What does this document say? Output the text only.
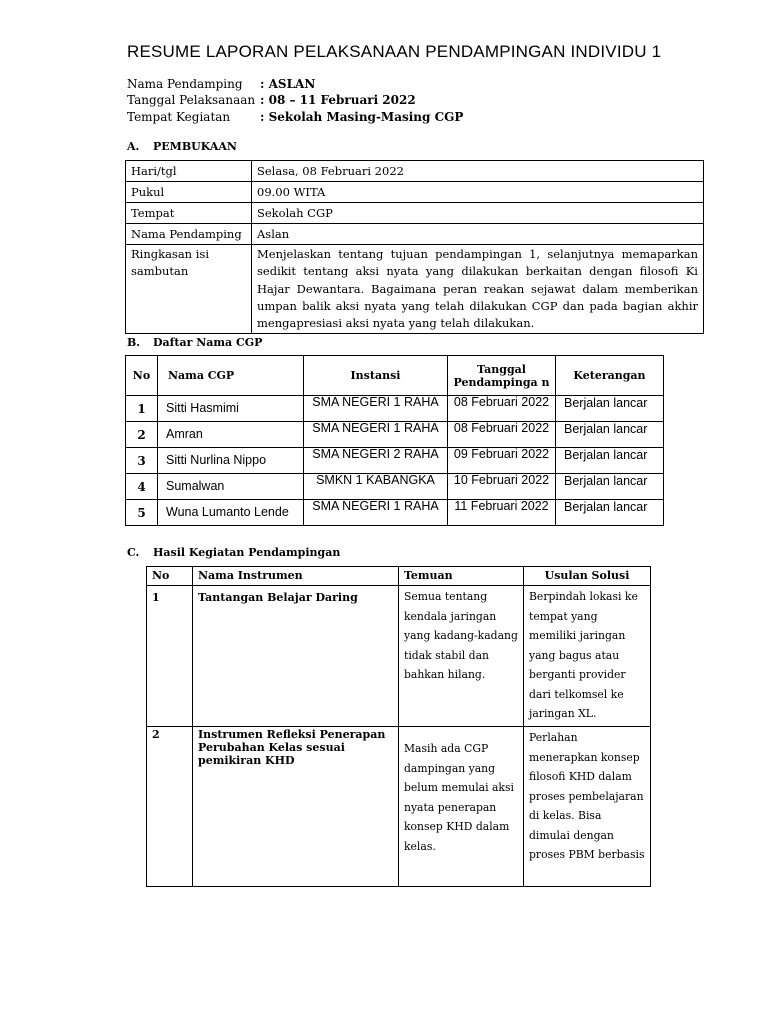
RESUME LAPORAN PELAKSANAAN PENDAMPINGAN INDIVIDU 1
Nama Pendamping : ASLAN
Tanggal Pelaksanaan : 08 – 11 Februari 2022
Tempat Kegiatan : Sekolah Masing-Masing CGP
A. PEMBUKAAN
Hari/tgl	Selasa, 08 Februari 2022
Pukul	09.00 WITA
Tempat	Sekolah CGP
Nama Pendamping	Aslan
Ringkasan isi sambutan	Menjelaskan tentang tujuan pendampingan 1, selanjutnya memaparkan sedikit tentang aksi nyata yang dilakukan berkaitan dengan filosofi Ki Hajar Dewantara. Bagaimana peran reakan sejawat dalam memberikan umpan balik aksi nyata yang telah dilakukan CGP dan pada bagian akhir mengapresiasi aksi nyata yang telah dilakukan.
B. Daftar Nama CGP
No	Nama CGP	Instansi	Tanggal Pendampinga n	Keterangan
1	Sitti Hasmimi	SMA NEGERI 1 RAHA	08 Februari 2022	Berjalan lancar
2	Amran	SMA NEGERI 1 RAHA	08 Februari 2022	Berjalan lancar
3	Sitti Nurlina Nippo	SMA NEGERI 2 RAHA	09 Februari 2022	Berjalan lancar
4	Sumalwan	SMKN 1 KABANGKA	10 Februari 2022	Berjalan lancar
5	Wuna Lumanto Lende	SMA NEGERI 1 RAHA	11 Februari 2022	Berjalan lancar
C. Hasil Kegiatan Pendampingan
No	Nama Instrumen	Temuan	Usulan Solusi
1	Tantangan Belajar Daring	Semua tentang kendala jaringan yang kadang-kadang tidak stabil dan bahkan hilang.	Berpindah lokasi ke tempat yang memiliki jaringan yang bagus atau berganti provider dari telkomsel ke jaringan XL.
2	Instrumen Refleksi Penerapan Perubahan Kelas sesuai pemikiran KHD	Masih ada CGP dampingan yang belum memulai aksi nyata penerapan konsep KHD dalam kelas.	Perlahan menerapkan konsep filosofi KHD dalam proses pembelajaran di kelas. Bisa dimulai dengan proses PBM berbasis
